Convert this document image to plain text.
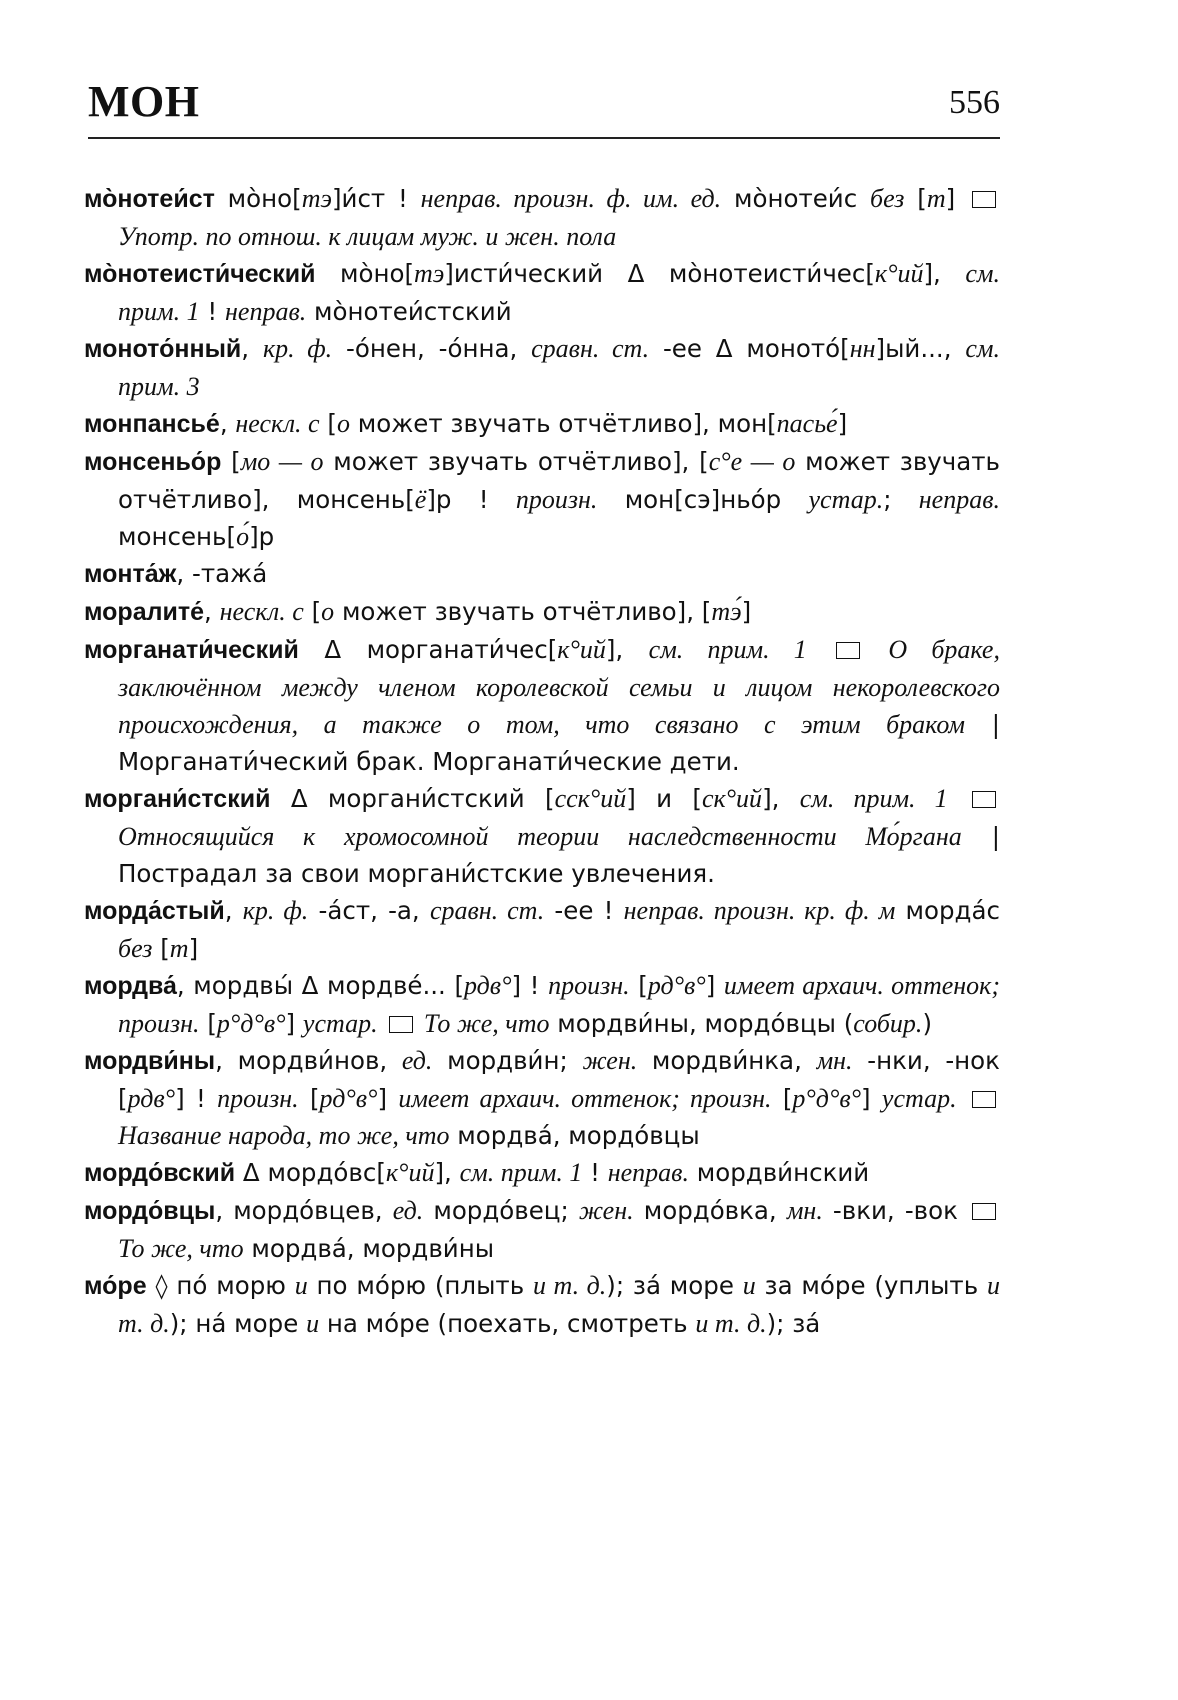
МОН	556

мо̀нотеи́ст мо̀но[тэ]и́ст ! неправ. произн. ф. им. ед. мо̀нотеи́с без [т]  Употр. по отнош. к лицам муж. и жен. пола

мо̀нотеисти́ческий мо̀но[тэ]исти́ческий Δ мо̀нотеисти́чес[к°ий], см. прим. 1 ! неправ. мо̀нотеи́стский

моното́нный, кр. ф. -о́нен, -о́нна, сравн. ст. -ее Δ моното́[нн]ый..., см. прим. 3

монпансье́, нескл. с [о может звучать отчётливо], мон[пасье́]

монсеньо́р [мо — о может звучать отчётливо], [с°е — о может звучать отчётливо], монсень[ё]р ! произн. мон[сэ]ньо́р устар.; неправ. монсень[о́]р

монта́ж, -тажа́

моралите́, нескл. с [о может звучать отчётливо], [тэ́]

морганати́ческий Δ морганати́чес[к°ий], см. прим. 1  О браке, заключённом между членом королевской семьи и лицом некоролевского происхождения, а также о том, что связано с этим браком | Морганати́ческий брак. Морганати́ческие дети.

моргани́стский Δ моргани́стский [сск°ий] и [ск°ий], см. прим. 1  Относящийся к хромосомной теории наследственности Мо́ргана | Пострадал за свои моргани́стские увлечения.

морда́стый, кр. ф. -а́ст, -а, сравн. ст. -ее ! неправ. произн. кр. ф. м морда́с без [т]

мордва́, мордвы́ Δ мордве́... [рдв°] ! произн. [рд°в°] имеет архаич. оттенок; произн. [р°д°в°] устар.  То же, что мордви́ны, мордо́вцы (собир.)

мордви́ны, мордви́нов, ед. мордви́н; жен. мордви́нка, мн. -нки, -нок [рдв°] ! произн. [рд°в°] имеет архаич. оттенок; произн. [р°д°в°] устар.  Название народа, то же, что мордва́, мордо́вцы

мордо́вский Δ мордо́вс[к°ий], см. прим. 1 ! неправ. мордви́нский

мордо́вцы, мордо́вцев, ед. мордо́вец; жен. мордо́вка, мн. -вки, -вок  То же, что мордва́, мордви́ны

мо́ре ◊ по́ морю и по мо́рю (плыть и т. д.); за́ море и за мо́ре (уплыть и т. д.); на́ море и на мо́ре (поехать, смотреть и т. д.); за́
